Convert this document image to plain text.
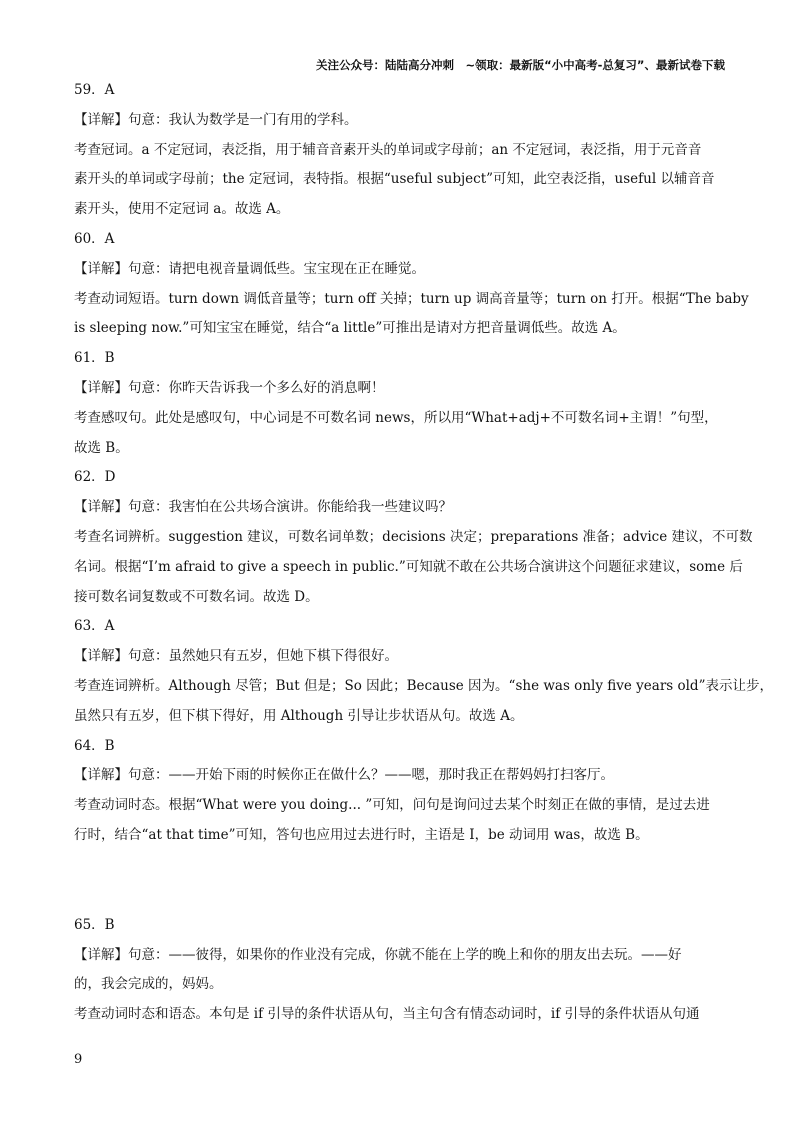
关注公众号：陆陆高分冲刺　~领取：最新版“小中高考-总复习”、最新试卷下载
59．A
【详解】句意：我认为数学是一门有用的学科。
考查冠词。a 不定冠词，表泛指，用于辅音音素开头的单词或字母前；an 不定冠词，表泛指，用于元音音
素开头的单词或字母前；the 定冠词，表特指。根据“useful subject”可知，此空表泛指，useful 以辅音音
素开头，使用不定冠词 a。故选 A。
60．A
【详解】句意：请把电视音量调低些。宝宝现在正在睡觉。
考查动词短语。turn down 调低音量等；turn off 关掉；turn up 调高音量等；turn on 打开。根据“The baby
is sleeping now.”可知宝宝在睡觉，结合“a little”可推出是请对方把音量调低些。故选 A。
61．B
【详解】句意：你昨天告诉我一个多么好的消息啊！
考查感叹句。此处是感叹句，中心词是不可数名词 news，所以用“What+adj+不可数名词+主谓！”句型，
故选 B。
62．D
【详解】句意：我害怕在公共场合演讲。你能给我一些建议吗？
考查名词辨析。suggestion 建议，可数名词单数；decisions 决定；preparations 准备；advice 建议，不可数
名词。根据“I’m afraid to give a speech in public.”可知就不敢在公共场合演讲这个问题征求建议，some 后
接可数名词复数或不可数名词。故选 D。
63．A
【详解】句意：虽然她只有五岁，但她下棋下得很好。
考查连词辨析。Although 尽管；But 但是；So 因此；Because 因为。“she was only five years old”表示让步，
虽然只有五岁，但下棋下得好，用 Although 引导让步状语从句。故选 A。
64．B
【详解】句意：——开始下雨的时候你正在做什么？——嗯，那时我正在帮妈妈打扫客厅。
考查动词时态。根据“What were you doing... ”可知，问句是询问过去某个时刻正在做的事情，是过去进
行时，结合“at that time”可知，答句也应用过去进行时，主语是 I，be 动词用 was，故选 B。
65．B
【详解】句意：——彼得，如果你的作业没有完成，你就不能在上学的晚上和你的朋友出去玩。——好
的，我会完成的，妈妈。
考查动词时态和语态。本句是 if 引导的条件状语从句，当主句含有情态动词时，if 引导的条件状语从句通
9
